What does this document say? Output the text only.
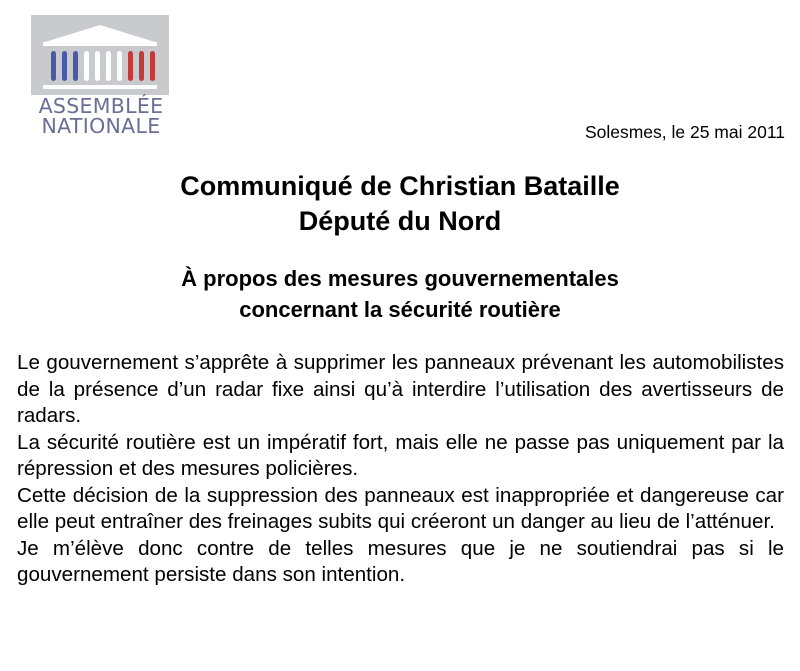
ASSEMBLÉE
NATIONALE	Solesmes, le 25 mai 2011
Communiqué de Christian Bataille
Député du Nord
À propos des mesures gouvernementales
concernant la sécurité routière

Le gouvernement s’apprête à supprimer les panneaux prévenant les automobilistes de la présence d’un radar fixe ainsi qu’à interdire l’utilisation des avertisseurs de radars.

La sécurité routière est un impératif fort, mais elle ne passe pas uniquement par la répression et des mesures policières.

Cette décision de la suppression des panneaux est inappropriée et dangereuse car elle peut entraîner des freinages subits qui créeront un danger au lieu de l’atténuer.

Je m’élève donc contre de telles mesures que je ne soutiendrai pas si le gouvernement persiste dans son intention.
